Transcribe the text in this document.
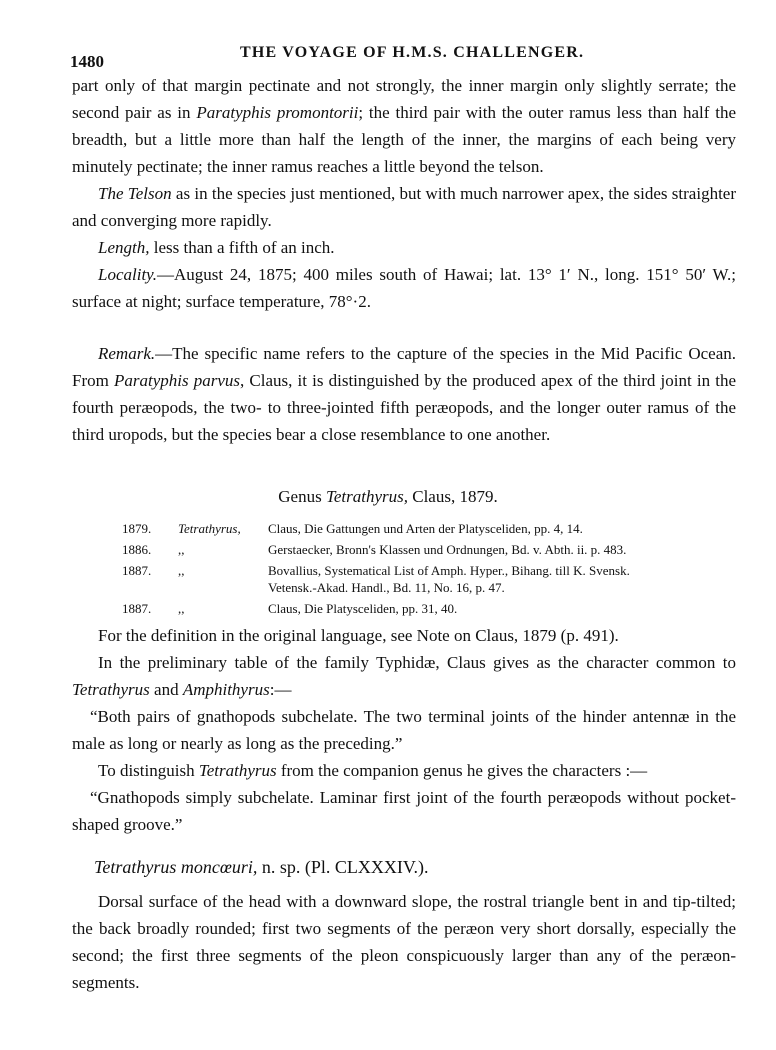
1480	THE VOYAGE OF H.M.S. CHALLENGER.

part only of that margin pectinate and not strongly, the inner margin only slightly serrate; the second pair as in Paratyphis promontorii; the third pair with the outer ramus less than half the breadth, but a little more than half the length of the inner, the margins of each being very minutely pectinate; the inner ramus reaches a little beyond the telson.

The Telson as in the species just mentioned, but with much narrower apex, the sides straighter and converging more rapidly.

Length, less than a fifth of an inch.

Locality.—August 24, 1875; 400 miles south of Hawai; lat. 13° 1′ N., long. 151° 50′ W.; surface at night; surface temperature, 78°·2.

Remark.—The specific name refers to the capture of the species in the Mid Pacific Ocean. From Paratyphis parvus, Claus, it is distinguished by the produced apex of the third joint in the fourth peræopods, the two- to three-jointed fifth peræopods, and the longer outer ramus of the third uropods, but the species bear a close resemblance to one another.

Genus Tetrathyrus, Claus, 1879.
1879. Tetrathyrus, Claus, Die Gattungen und Arten der Platysceliden, pp. 4, 14.
1886. ,,	Gerstaecker, Bronn's Klassen und Ordnungen, Bd. v. Abth. ii. p. 483.
1887. ,,	Bovallius, Systematical List of Amph. Hyper., Bihang. till K. Svensk.
Vetensk.-Akad. Handl., Bd. 11, No. 16, p. 47.
1887. ,,	Claus, Die Platysceliden, pp. 31, 40.

For the definition in the original language, see Note on Claus, 1879 (p. 491).

In the preliminary table of the family Typhidæ, Claus gives as the character common to Tetrathyrus and Amphithyrus:—

“Both pairs of gnathopods subchelate. The two terminal joints of the hinder antennæ in the male as long or nearly as long as the preceding.”

To distinguish Tetrathyrus from the companion genus he gives the characters :—

“Gnathopods simply subchelate. Laminar first joint of the fourth peræopods without pocket-shaped groove.”

Tetrathyrus moncœuri, n. sp. (Pl. CLXXXIV.).

Dorsal surface of the head with a downward slope, the rostral triangle bent in and tip-tilted; the back broadly rounded; first two segments of the peræon very short dorsally, especially the second; the first three segments of the pleon conspicuously larger than any of the peræon-segments.
